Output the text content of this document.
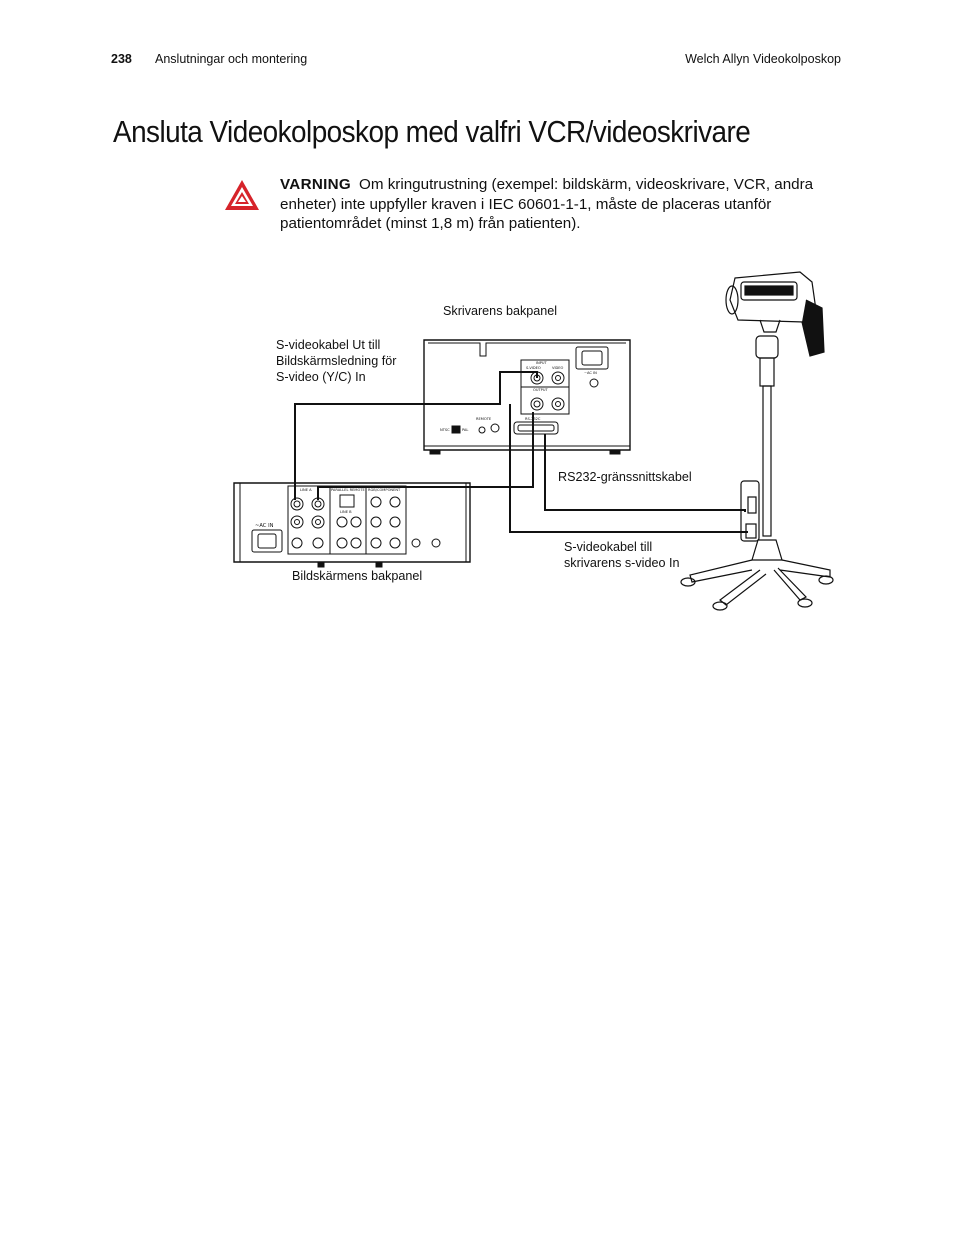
238 Anslutningar och montering	Welch Allyn Videokolposkop
Ansluta Videokolposkop med valfri VCR/videoskrivare
VARNING Om kringutrustning (exempel: bildskärm, videoskrivare, VCR, andra enheter) inte uppfyller kraven i IEC 60601-1-1, måste de placeras utanför patientområdet (minst 1,8 m) från patienten).
Skrivarens bakpanel
S-videokabel Ut till
Bildskärmsledning för
S-video (Y/C) In
RS232-gränssnittskabel
S-videokabel till
skrivarens s-video In
Bildskärmens bakpanel
INPUT
OUTPUT
S-VIDEO	VIDEO
REMOTE
NTSC	PAL
~AC IN
RS-232C
LINE A	PARALLEL REMOTE RGB/COMPONENT
LINE B
~AC IN
